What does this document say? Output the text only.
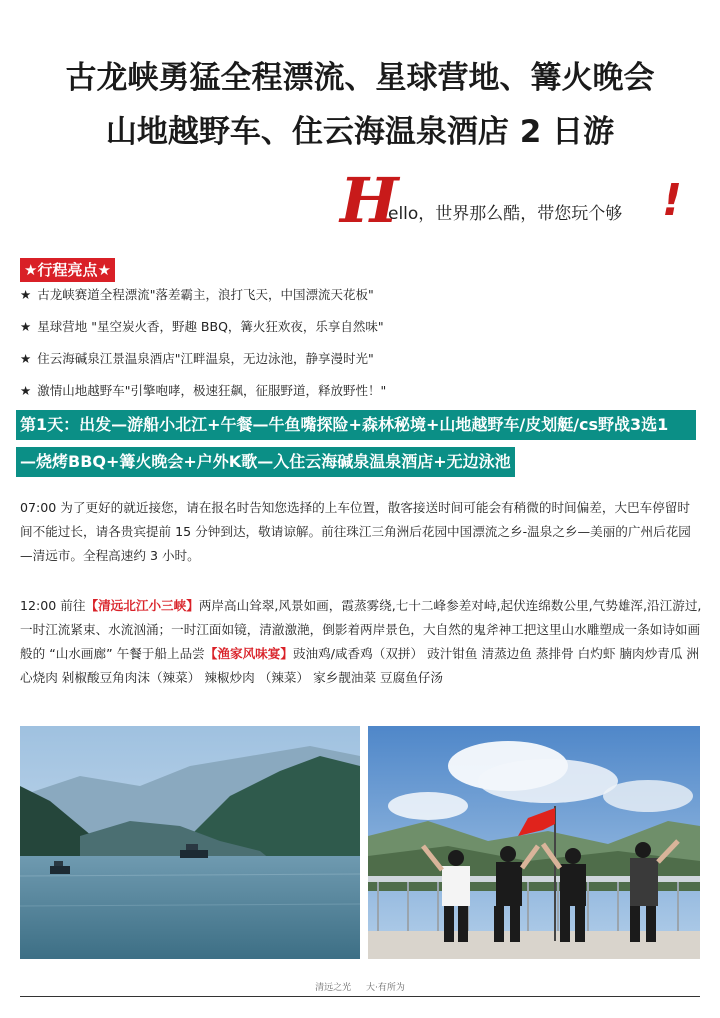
古龙峡勇猛全程漂流、星球营地、篝火晚会
山地越野车、住云海温泉酒店 2 日游
H
ello，世界那么酷，带您玩个够 !
★行程亮点★
★ 古龙峡赛道全程漂流"落差霸主，浪打飞天，中国漂流天花板"
★ 星球营地 "星空炭火香，野趣 BBQ，篝火狂欢夜，乐享自然味"
★ 住云海碱泉江景温泉酒店"江畔温泉，无边泳池，静享漫时光"
★ 激情山地越野车"引擎咆哮，极速狂飙，征服野道，释放野性！"
第1天：出发—游船小北江+午餐—牛鱼嘴探险+森林秘境+山地越野车/皮划艇/cs野战3选1
—烧烤BBQ+篝火晚会+户外K歌—入住云海碱泉温泉酒店+无边泳池

07:00 为了更好的就近接您，请在报名时告知您选择的上车位置，散客接送时间可能会有稍微的时间偏差，大巴车停留时间不能过长，请各贵宾提前 15 分钟到达，敬请谅解。前往珠江三角洲后花园中国漂流之乡-温泉之乡—美丽的广州后花园—清远市。全程高速约 3 小时。

12:00 前往【清远北江小三峡】两岸高山耸翠,风景如画，霞蒸雾绕,七十二峰参差对峙,起伏连绵数公里,气势雄浑,沿江游过,一时江流紧束、水流汹涌；一时江面如镜，清澈激滟，倒影着两岸景色，大自然的鬼斧神工把这里山水雕塑成一条如诗如画般的 “山水画廊” 午餐于船上品尝【渔家风味宴】豉油鸡/咸香鸡（双拼） 豉汁钳鱼 清蒸边鱼 蒸排骨 白灼虾 腩肉炒青瓜 洲心烧肉 剁椒酸豆角肉沫（辣菜） 辣椒炒肉 （辣菜） 家乡靓油菜 豆腐鱼仔汤

清远之光 大·有所为
